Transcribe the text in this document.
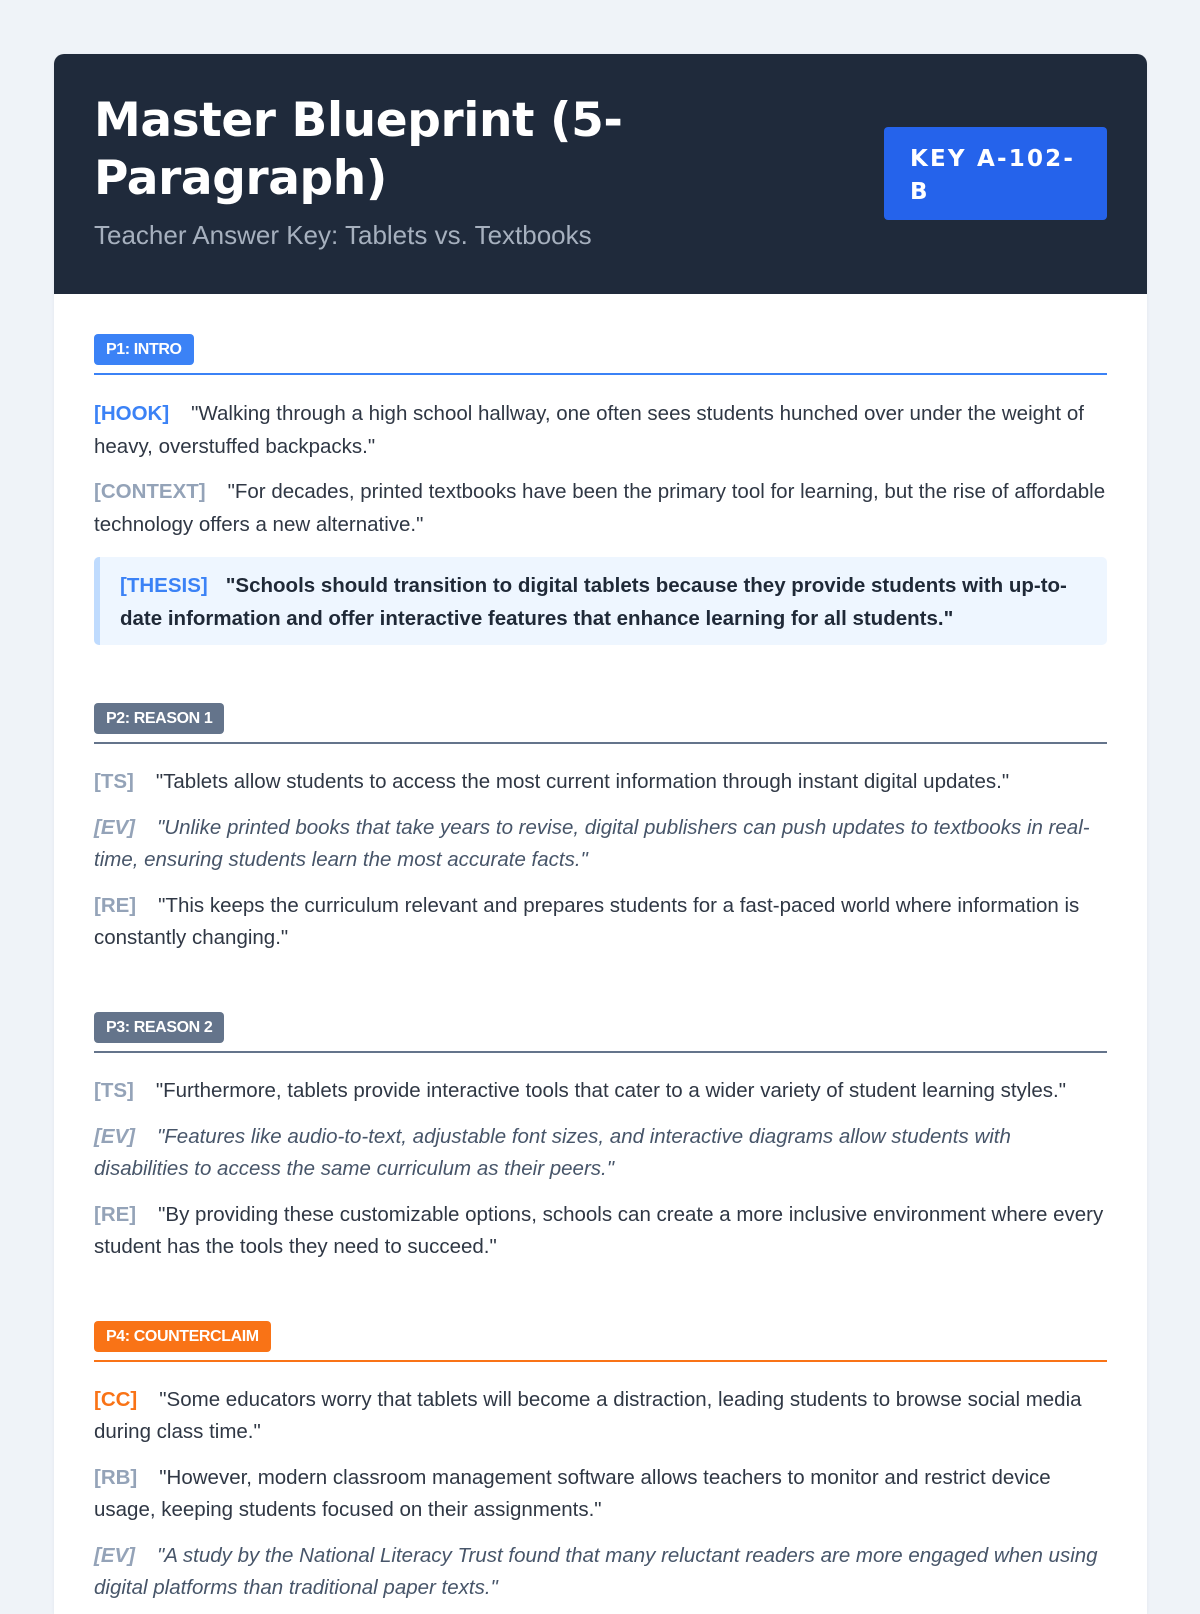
Master Blueprint (5-Paragraph)

Teacher Answer Key: Tablets vs. Textbooks

KEY A-102-
B
P1: INTRO
[HOOK] "Walking through a high school hallway, one often sees students hunched over under the weight of heavy, overstuffed backpacks."
[CONTEXT] "For decades, printed textbooks have been the primary tool for learning, but the rise of affordable technology offers a new alternative."
[THESIS] "Schools should transition to digital tablets because they provide students with up-to-date information and offer interactive features that enhance learning for all students."
P2: REASON 1
[TS] "Tablets allow students to access the most current information through instant digital updates."
[EV] "Unlike printed books that take years to revise, digital publishers can push updates to textbooks in real-time, ensuring students learn the most accurate facts."
[RE] "This keeps the curriculum relevant and prepares students for a fast-paced world where information is constantly changing."
P3: REASON 2
[TS] "Furthermore, tablets provide interactive tools that cater to a wider variety of student learning styles."
[EV] "Features like audio-to-text, adjustable font sizes, and interactive diagrams allow students with disabilities to access the same curriculum as their peers."
[RE] "By providing these customizable options, schools can create a more inclusive environment where every student has the tools they need to succeed."
P4: COUNTERCLAIM
[CC] "Some educators worry that tablets will become a distraction, leading students to browse social media during class time."
[RB] "However, modern classroom management software allows teachers to monitor and restrict device usage, keeping students focused on their assignments."
[EV] "A study by the National Literacy Trust found that many reluctant readers are more engaged when using digital platforms than traditional paper texts."
